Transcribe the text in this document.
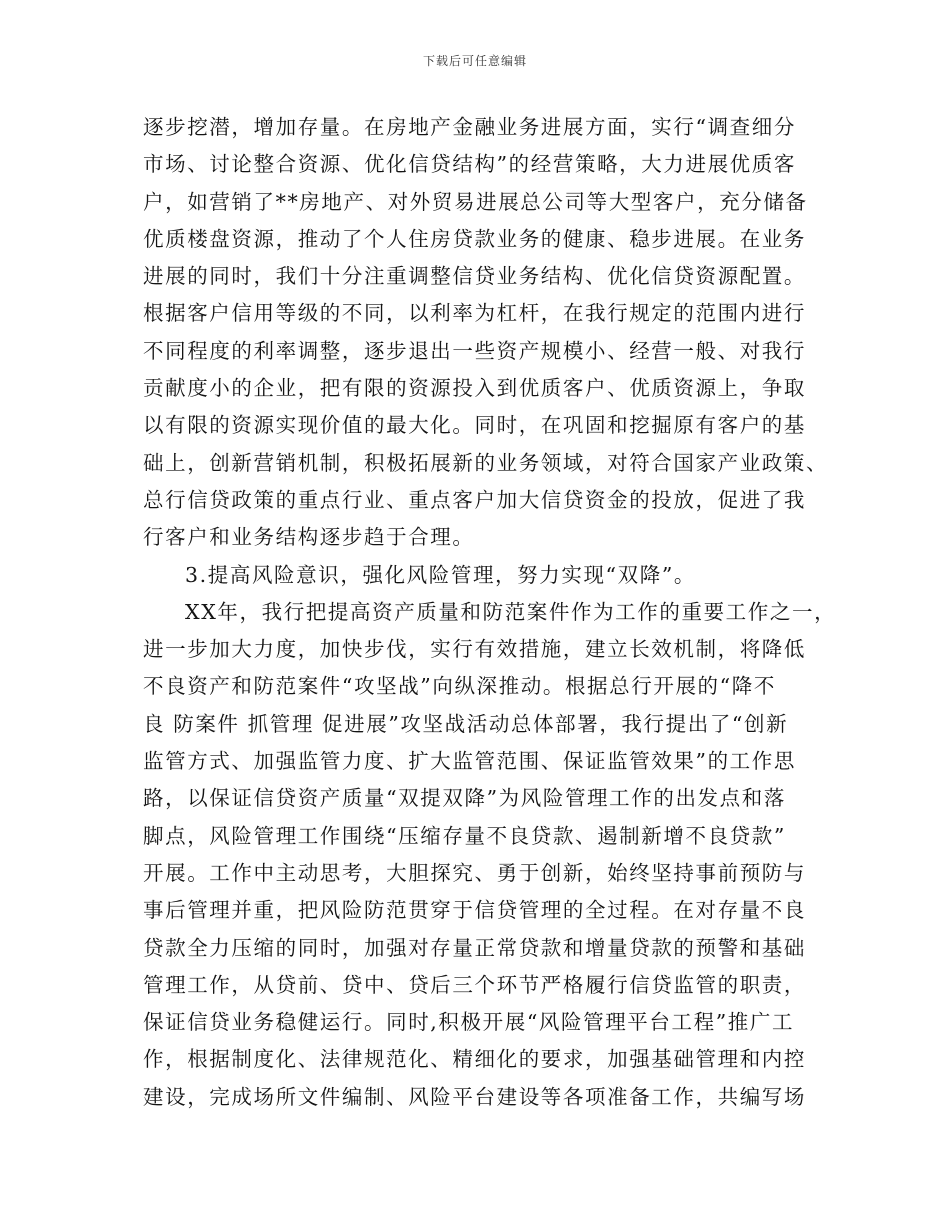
下载后可任意编辑
逐步挖潜，增加存量。在房地产金融业务进展方面，实行“调查细分
市场、讨论整合资源、优化信贷结构”的经营策略，大力进展优质客
户，如营销了**房地产、对外贸易进展总公司等大型客户，充分储备
优质楼盘资源，推动了个人住房贷款业务的健康、稳步进展。在业务
进展的同时，我们十分注重调整信贷业务结构、优化信贷资源配置。
根据客户信用等级的不同，以利率为杠杆，在我行规定的范围内进行
不同程度的利率调整，逐步退出一些资产规模小、经营一般、对我行
贡献度小的企业，把有限的资源投入到优质客户、优质资源上，争取
以有限的资源实现价值的最大化。同时，在巩固和挖掘原有客户的基
础上，创新营销机制，积极拓展新的业务领域，对符合国家产业政策、
总行信贷政策的重点行业、重点客户加大信贷资金的投放，促进了我
行客户和业务结构逐步趋于合理。
3.提高风险意识，强化风险管理，努力实现“双降”。
XX年，我行把提高资产质量和防范案件作为工作的重要工作之一，
进一步加大力度，加快步伐，实行有效措施，建立长效机制，将降低
不良资产和防范案件“攻坚战”向纵深推动。根据总行开展的“降不
良 防案件 抓管理 促进展”攻坚战活动总体部署，我行提出了“创新
监管方式、加强监管力度、扩大监管范围、保证监管效果”的工作思
路，以保证信贷资产质量“双提双降”为风险管理工作的出发点和落
脚点，风险管理工作围绕“压缩存量不良贷款、遏制新增不良贷款”
开展。工作中主动思考，大胆探究、勇于创新，始终坚持事前预防与
事后管理并重，把风险防范贯穿于信贷管理的全过程。在对存量不良
贷款全力压缩的同时，加强对存量正常贷款和增量贷款的预警和基础
管理工作，从贷前、贷中、贷后三个环节严格履行信贷监管的职责，
保证信贷业务稳健运行。同时,积极开展“风险管理平台工程”推广工
作，根据制度化、法律规范化、精细化的要求，加强基础管理和内控
建设，完成场所文件编制、风险平台建设等各项准备工作，共编写场
